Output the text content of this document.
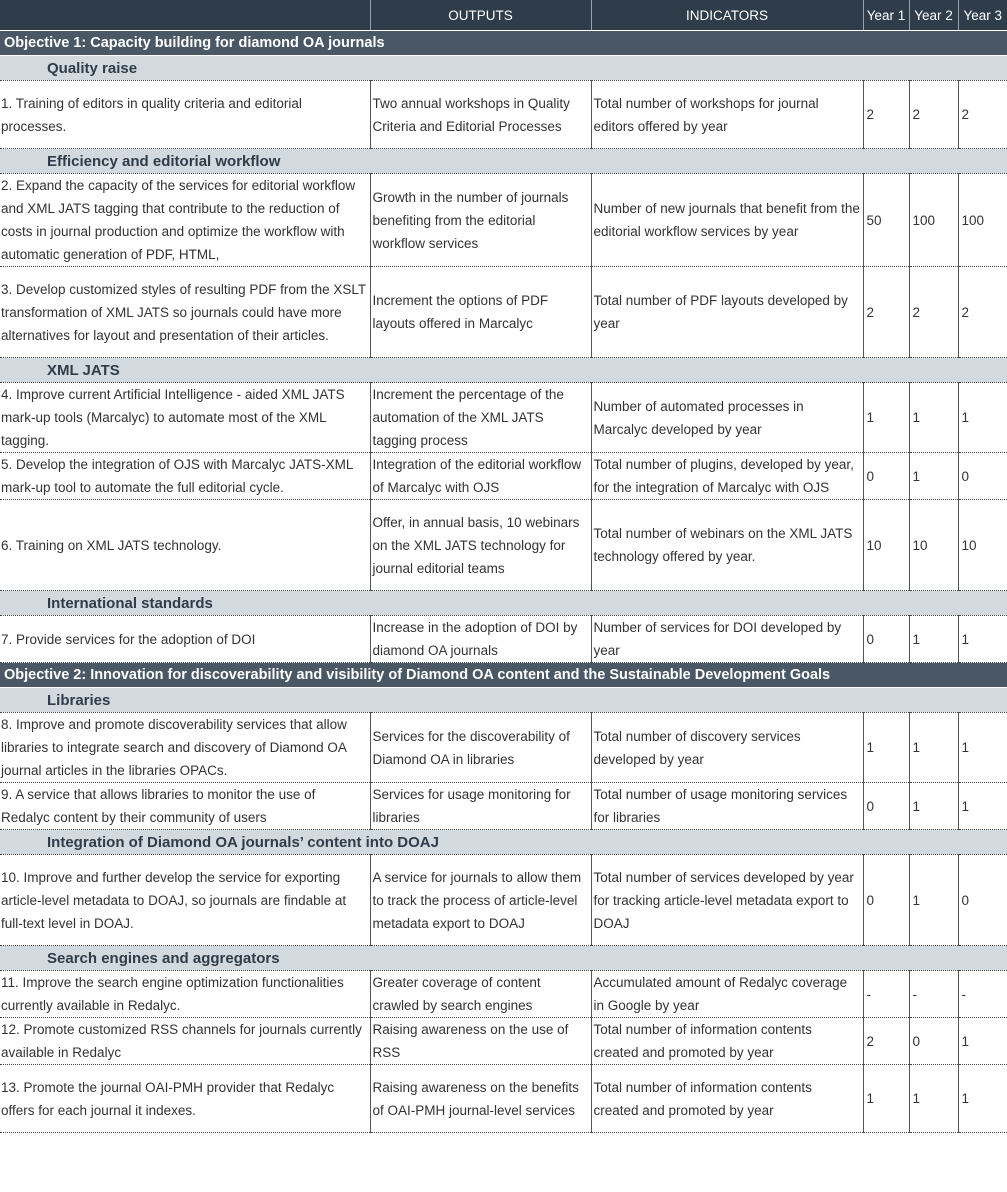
	OUTPUTS	INDICATORS	Year 1	Year 2	Year 3
Objective 1: Capacity building for diamond OA journals					
Quality raise					
1. Training of editors in quality criteria and editorial processes.	Two annual workshops in Quality Criteria and Editorial Processes	Total number of workshops for journal editors offered by year	2	2	2
Efficiency and editorial workflow					
2. Expand the capacity of the services for editorial workflow and XML JATS tagging that contribute to the reduction of costs in journal production and optimize the workflow with automatic generation of PDF, HTML,	Growth in the number of journals benefiting from the editorial workflow services	Number of new journals that benefit from the editorial workflow services by year	50	100	100
3. Develop customized styles of resulting PDF from the XSLT transformation of XML JATS so journals could have more alternatives for layout and presentation of their articles.	Increment the options of PDF layouts offered in Marcalyc	Total number of PDF layouts developed by year	2	2	2
XML JATS					
4. Improve current Artificial Intelligence - aided XML JATS mark-up tools (Marcalyc) to automate most of the XML tagging.	Increment the percentage of the automation of the XML JATS tagging process	Number of automated processes in Marcalyc developed by year	1	1	1
5. Develop the integration of OJS with Marcalyc JATS-XML mark-up tool to automate the full editorial cycle.	Integration of the editorial workflow of Marcalyc with OJS	Total number of plugins, developed by year, for the integration of Marcalyc with OJS	0	1	0
6. Training on XML JATS technology.	Offer, in annual basis, 10 webinars on the XML JATS technology for journal editorial teams	Total number of webinars on the XML JATS technology offered by year.	10	10	10
International standards					
7. Provide services for the adoption of DOI	Increase in the adoption of DOI by diamond OA journals	Number of services for DOI developed by year	0	1	1
Objective 2: Innovation for discoverability and visibility of Diamond OA content and the Sustainable Development Goals					
Libraries					
8. Improve and promote discoverability services that allow libraries to integrate search and discovery of Diamond OA journal articles in the libraries OPACs.	Services for the discoverability of Diamond OA in libraries	Total number of discovery services developed by year	1	1	1
9. A service that allows libraries to monitor the use of Redalyc content by their community of users	Services for usage monitoring for libraries	Total number of usage monitoring services for libraries	0	1	1
Integration of Diamond OA journals’ content into DOAJ					
10. Improve and further develop the service for exporting article-level metadata to DOAJ, so journals are findable at full-text level in DOAJ.	A service for journals to allow them to track the process of article-level metadata export to DOAJ	Total number of services developed by year for tracking article-level metadata export to DOAJ	0	1	0
Search engines and aggregators					
11. Improve the search engine optimization functionalities currently available in Redalyc.	Greater coverage of content crawled by search engines	Accumulated amount of Redalyc coverage in Google by year	-	-	-
12. Promote customized RSS channels for journals currently available in Redalyc	Raising awareness on the use of RSS	Total number of information contents created and promoted by year	2	0	1
13. Promote the journal OAI-PMH provider that Redalyc offers for each journal it indexes.	Raising awareness on the benefits of OAI-PMH journal-level services	Total number of information contents created and promoted by year	1	1	1
